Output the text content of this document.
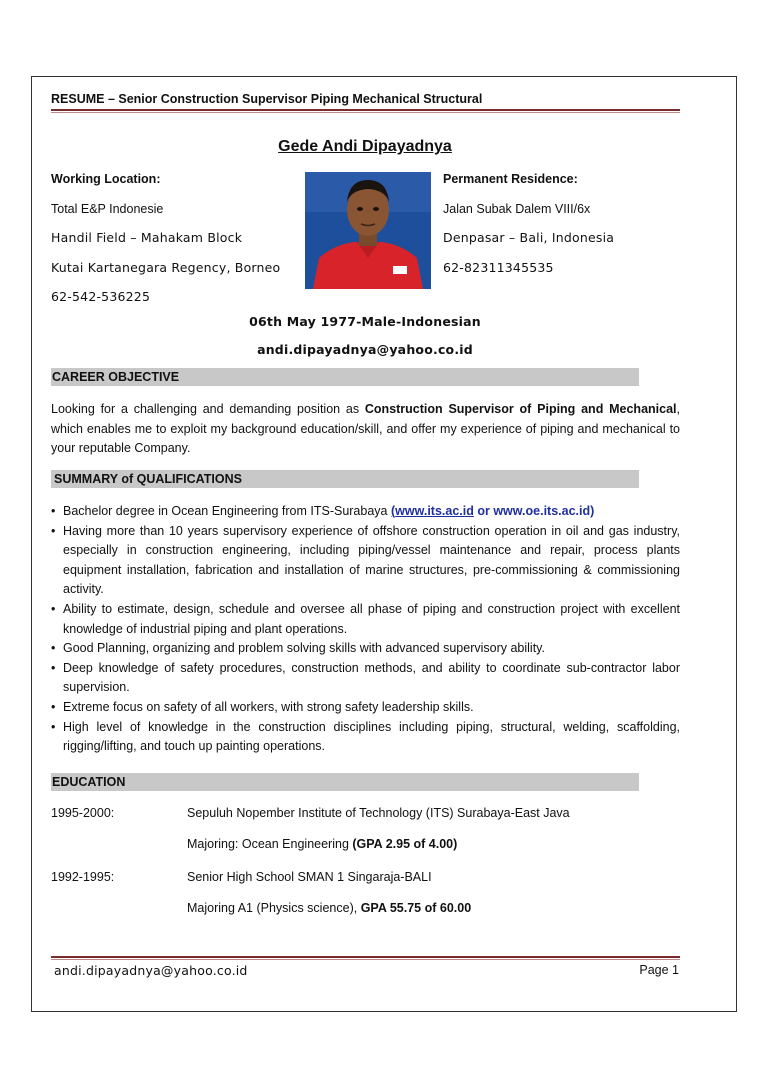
RESUME – Senior Construction Supervisor Piping Mechanical Structural
Gede Andi Dipayadnya
Working Location:
Total E&P Indonesie
Handil Field – Mahakam Block
Kutai Kartanegara Regency, Borneo
62-542-536225
Permanent Residence:
Jalan Subak Dalem VIII/6x
Denpasar – Bali, Indonesia
62-82311345535
06th May 1977-Male-Indonesian
andi.dipayadnya@yahoo.co.id
CAREER OBJECTIVE
Looking for a challenging and demanding position as Construction Supervisor of Piping and Mechanical, which enables me to exploit my background education/skill, and offer my experience of piping and mechanical to your reputable Company.
SUMMARY of QUALIFICATIONS
• Bachelor degree in Ocean Engineering from ITS-Surabaya (www.its.ac.id or www.oe.its.ac.id)
• Having more than 10 years supervisory experience of offshore construction operation in oil and gas industry, especially in construction engineering, including piping/vessel maintenance and repair, process plants equipment installation, fabrication and installation of marine structures, pre-commissioning & commissioning activity.
• Ability to estimate, design, schedule and oversee all phase of piping and construction project with excellent knowledge of industrial piping and plant operations.
• Good Planning, organizing and problem solving skills with advanced supervisory ability.
• Deep knowledge of safety procedures, construction methods, and ability to coordinate sub-contractor labor supervision.
• Extreme focus on safety of all workers, with strong safety leadership skills.
• High level of knowledge in the construction disciplines including piping, structural, welding, scaffolding, rigging/lifting, and touch up painting operations.
EDUCATION
1995-2000:	Sepuluh Nopember Institute of Technology (ITS) Surabaya-East Java
Majoring: Ocean Engineering (GPA 2.95 of 4.00)
1992-1995:	Senior High School SMAN 1 Singaraja-BALI
Majoring A1 (Physics science), GPA 55.75 of 60.00
andi.dipayadnya@yahoo.co.id	Page 1
